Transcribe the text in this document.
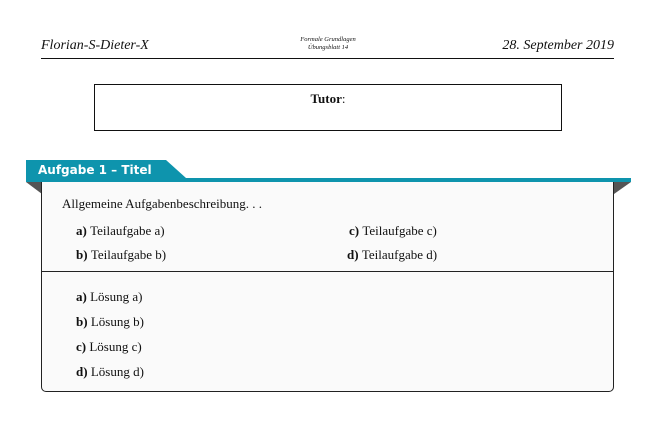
Florian-S-Dieter-X	Formale Grundlagen
Übungsblatt 14	28. September 2019
Tutor:
Aufgabe 1 – Titel
Allgemeine Aufgabenbeschreibung. . .
a) Teilaufgabe a)
b) Teilaufgabe b)
c) Teilaufgabe c)
d) Teilaufgabe d)
a) Lösung a)
b) Lösung b)
c) Lösung c)
d) Lösung d)
